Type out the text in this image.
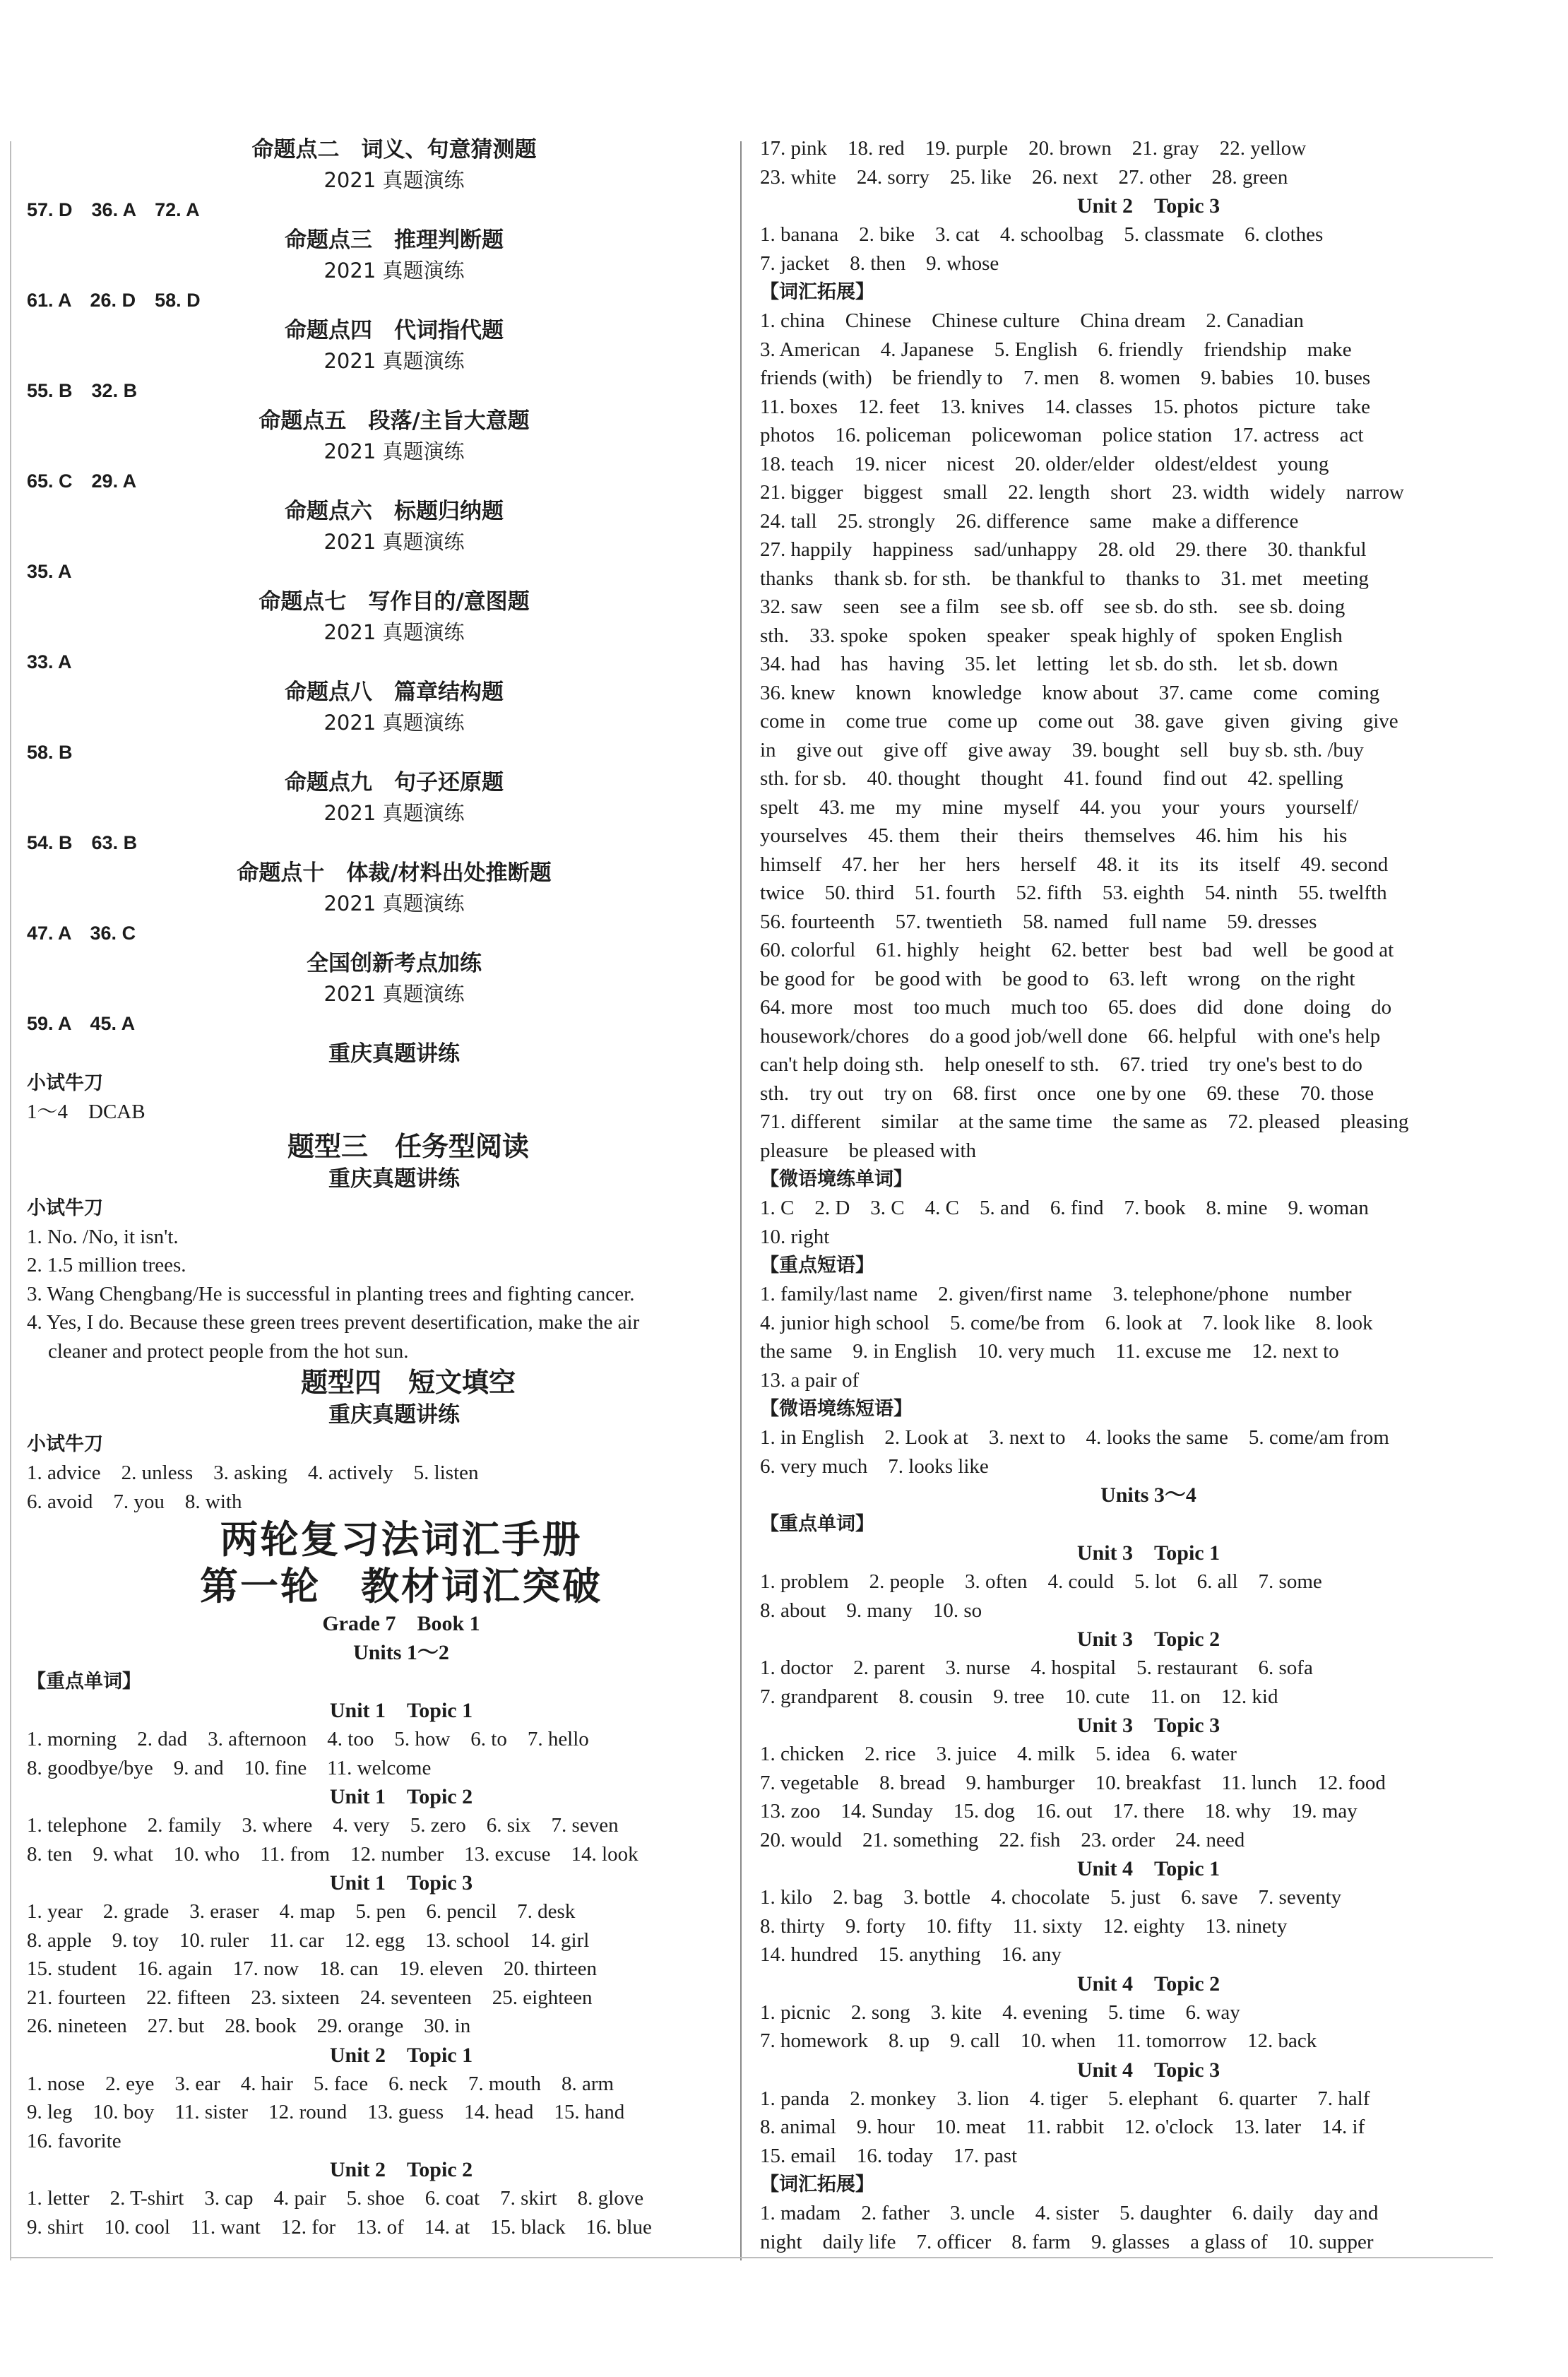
命题点二　词义、句意猜测题
2021 真题演练
57. D　36. A　72. A
命题点三　推理判断题
2021 真题演练
61. A　26. D　58. D
命题点四　代词指代题
2021 真题演练
55. B　32. B
命题点五　段落/主旨大意题
2021 真题演练
65. C　29. A
命题点六　标题归纳题
2021 真题演练
35. A
命题点七　写作目的/意图题
2021 真题演练
33. A
命题点八　篇章结构题
2021 真题演练
58. B
命题点九　句子还原题
2021 真题演练
54. B　63. B
命题点十　体裁/材料出处推断题
2021 真题演练
47. A　36. C
全国创新考点加练
2021 真题演练
59. A　45. A
重庆真题讲练
小试牛刀
1～4　DCAB
题型三　任务型阅读
重庆真题讲练
小试牛刀
1. No. /No, it isn't.
2. 1.5 million trees.
3. Wang Chengbang/He is successful in planting trees and fighting cancer.
4. Yes, I do. Because these green trees prevent desertification, make the air
cleaner and protect people from the hot sun.
题型四　短文填空
重庆真题讲练
小试牛刀
1. advice　2. unless　3. asking　4. actively　5. listen
6. avoid　7. you　8. with
两轮复习法词汇手册
第一轮　教材词汇突破
Grade 7　Book 1
Units 1～2
【重点单词】
Unit 1　Topic 1
1. morning　2. dad　3. afternoon　4. too　5. how　6. to　7. hello
8. goodbye/bye　9. and　10. fine　11. welcome
Unit 1　Topic 2
1. telephone　2. family　3. where　4. very　5. zero　6. six　7. seven
8. ten　9. what　10. who　11. from　12. number　13. excuse　14. look
Unit 1　Topic 3
1. year　2. grade　3. eraser　4. map　5. pen　6. pencil　7. desk
8. apple　9. toy　10. ruler　11. car　12. egg　13. school　14. girl
15. student　16. again　17. now　18. can　19. eleven　20. thirteen
21. fourteen　22. fifteen　23. sixteen　24. seventeen　25. eighteen
26. nineteen　27. but　28. book　29. orange　30. in
Unit 2　Topic 1
1. nose　2. eye　3. ear　4. hair　5. face　6. neck　7. mouth　8. arm
9. leg　10. boy　11. sister　12. round　13. guess　14. head　15. hand
16. favorite
Unit 2　Topic 2
1. letter　2. T-shirt　3. cap　4. pair　5. shoe　6. coat　7. skirt　8. glove
9. shirt　10. cool　11. want　12. for　13. of　14. at　15. black　16. blue
17. pink　18. red　19. purple　20. brown　21. gray　22. yellow
23. white　24. sorry　25. like　26. next　27. other　28. green
Unit 2　Topic 3
1. banana　2. bike　3. cat　4. schoolbag　5. classmate　6. clothes
7. jacket　8. then　9. whose
【词汇拓展】
1. china　Chinese　Chinese culture　China dream　2. Canadian
3. American　4. Japanese　5. English　6. friendly　friendship　make
friends (with)　be friendly to　7. men　8. women　9. babies　10. buses
11. boxes　12. feet　13. knives　14. classes　15. photos　picture　take
photos　16. policeman　policewoman　police station　17. actress　act
18. teach　19. nicer　nicest　20. older/elder　oldest/eldest　young
21. bigger　biggest　small　22. length　short　23. width　widely　narrow
24. tall　25. strongly　26. difference　same　make a difference
27. happily　happiness　sad/unhappy　28. old　29. there　30. thankful
thanks　thank sb. for sth.　be thankful to　thanks to　31. met　meeting
32. saw　seen　see a film　see sb. off　see sb. do sth.　see sb. doing
sth.　33. spoke　spoken　speaker　speak highly of　spoken English
34. had　has　having　35. let　letting　let sb. do sth.　let sb. down
36. knew　known　knowledge　know about　37. came　come　coming
come in　come true　come up　come out　38. gave　given　giving　give
in　give out　give off　give away　39. bought　sell　buy sb. sth. /buy
sth. for sb.　40. thought　thought　41. found　find out　42. spelling
spelt　43. me　my　mine　myself　44. you　your　yours　yourself/
yourselves　45. them　their　theirs　themselves　46. him　his　his
himself　47. her　her　hers　herself　48. it　its　its　itself　49. second
twice　50. third　51. fourth　52. fifth　53. eighth　54. ninth　55. twelfth
56. fourteenth　57. twentieth　58. named　full name　59. dresses
60. colorful　61. highly　height　62. better　best　bad　well　be good at
be good for　be good with　be good to　63. left　wrong　on the right
64. more　most　too much　much too　65. does　did　done　doing　do
housework/chores　do a good job/well done　66. helpful　with one's help
can't help doing sth.　help oneself to sth.　67. tried　try one's best to do
sth.　try out　try on　68. first　once　one by one　69. these　70. those
71. different　similar　at the same time　the same as　72. pleased　pleasing
pleasure　be pleased with
【微语境练单词】
1. C　2. D　3. C　4. C　5. and　6. find　7. book　8. mine　9. woman
10. right
【重点短语】
1. family/last name　2. given/first name　3. telephone/phone　number
4. junior high school　5. come/be from　6. look at　7. look like　8. look
the same　9. in English　10. very much　11. excuse me　12. next to
13. a pair of
【微语境练短语】
1. in English　2. Look at　3. next to　4. looks the same　5. come/am from
6. very much　7. looks like
Units 3～4
【重点单词】
Unit 3　Topic 1
1. problem　2. people　3. often　4. could　5. lot　6. all　7. some
8. about　9. many　10. so
Unit 3　Topic 2
1. doctor　2. parent　3. nurse　4. hospital　5. restaurant　6. sofa
7. grandparent　8. cousin　9. tree　10. cute　11. on　12. kid
Unit 3　Topic 3
1. chicken　2. rice　3. juice　4. milk　5. idea　6. water
7. vegetable　8. bread　9. hamburger　10. breakfast　11. lunch　12. food
13. zoo　14. Sunday　15. dog　16. out　17. there　18. why　19. may
20. would　21. something　22. fish　23. order　24. need
Unit 4　Topic 1
1. kilo　2. bag　3. bottle　4. chocolate　5. just　6. save　7. seventy
8. thirty　9. forty　10. fifty　11. sixty　12. eighty　13. ninety
14. hundred　15. anything　16. any
Unit 4　Topic 2
1. picnic　2. song　3. kite　4. evening　5. time　6. way
7. homework　8. up　9. call　10. when　11. tomorrow　12. back
Unit 4　Topic 3
1. panda　2. monkey　3. lion　4. tiger　5. elephant　6. quarter　7. half
8. animal　9. hour　10. meat　11. rabbit　12. o'clock　13. later　14. if
15. email　16. today　17. past
【词汇拓展】
1. madam　2. father　3. uncle　4. sister　5. daughter　6. daily　day and
night　daily life　7. officer　8. farm　9. glasses　a glass of　10. supper
